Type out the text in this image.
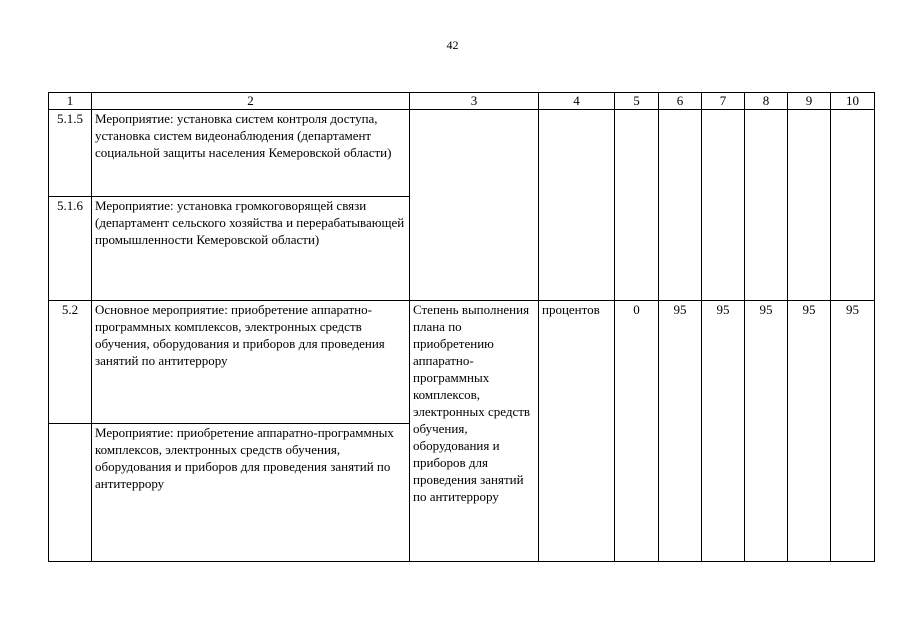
42
1	2	3	4	5	6	7	8	9	10
5.1.5	Мероприятие: установка систем контроля доступа, установка систем видеонаблюдения (департамент социальной защиты населения Кемеровской области)								
5.1.6	Мероприятие: установка громкоговорящей связи (департамент сельского хозяйства и перерабатывающей промышленности Кемеровской области)								
5.2	Основное мероприятие: приобретение аппаратно-программных комплексов, электронных средств обучения, оборудования и приборов для проведения занятий по антитеррору	Степень выполнения плана по приобретению аппаратно-программных комплексов, электронных средств обучения, оборудования и приборов для проведения занятий по антитеррору	процентов	0	95	95	95	95	95
	Мероприятие: приобретение аппаратно-программных комплексов, электронных средств обучения, оборудования и приборов для проведения занятий по антитеррору								
